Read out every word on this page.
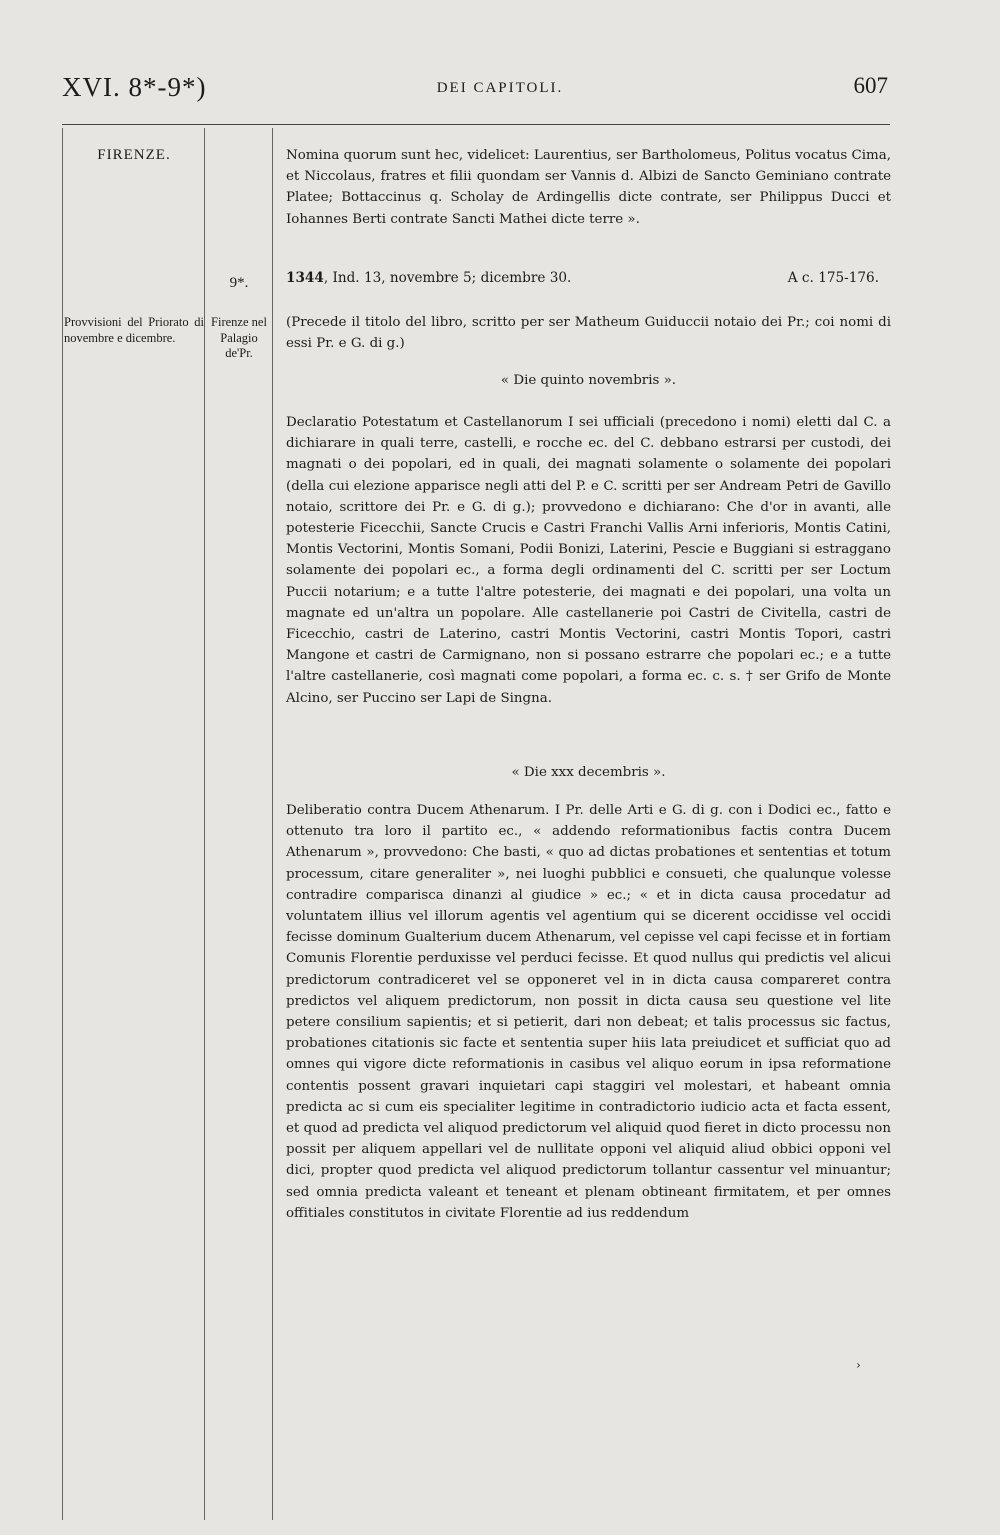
XVI. 8*-9*)	DEI CAPITOLI.	607
FIRENZE.
Provvisioni del Priorato di novembre e dicembre.
9*.
Firenze nel Palagio de'Pr.

Nomina quorum sunt hec, videlicet: Laurentius, ser Bartholomeus, Politus vocatus Cima, et Niccolaus, fratres et filii quondam ser Vannis d. Albizi de Sancto Geminiano contrate Platee; Bottaccinus q. Scholay de Ardingellis dicte contrate, ser Philippus Ducci et Iohannes Berti contrate Sancti Mathei dicte terre ».

1344, Ind. 13, novembre 5; dicembre 30.	A c. 175-176.

(Precede il titolo del libro, scritto per ser Matheum Guiduccii notaio dei Pr.; coi nomi di essi Pr. e G. di g.)

« Die quinto novembris ».

Declaratio Potestatum et Castellanorum I sei ufficiali (precedono i nomi) eletti dal C. a dichiarare in quali terre, castelli, e rocche ec. del C. debbano estrarsi per custodi, dei magnati o dei popolari, ed in quali, dei magnati solamente o solamente dei popolari (della cui elezione apparisce negli atti del P. e C. scritti per ser Andream Petri de Gavillo notaio, scrittore dei Pr. e G. di g.); provvedono e dichiarano: Che d'or in avanti, alle potesterie Ficecchii, Sancte Crucis e Castri Franchi Vallis Arni inferioris, Montis Catini, Montis Vectorini, Montis Somani, Podii Bonizi, Laterini, Pescie e Buggiani si estraggano solamente dei popolari ec., a forma degli ordinamenti del C. scritti per ser Loctum Puccii notarium; e a tutte l'altre potesterie, dei magnati e dei popolari, una volta un magnate ed un'altra un popolare. Alle castellanerie poi Castri de Civitella, castri de Ficecchio, castri de Laterino, castri Montis Vectorini, castri Montis Topori, castri Mangone et castri de Carmignano, non si possano estrarre che popolari ec.; e a tutte l'altre castellanerie, così magnati come popolari, a forma ec. c. s. † ser Grifo de Monte Alcino, ser Puccino ser Lapi de Singna.

« Die xxx decembris ».

Deliberatio contra Ducem Athenarum. I Pr. delle Arti e G. di g. con i Dodici ec., fatto e ottenuto tra loro il partito ec., « addendo reformationibus factis contra Ducem Athenarum », provvedono: Che basti, « quo ad dictas probationes et sententias et totum processum, citare generaliter », nei luoghi pubblici e consueti, che qualunque volesse contradire comparisca dinanzi al giudice » ec.; « et in dicta causa procedatur ad voluntatem illius vel illorum agentis vel agentium qui se dicerent occidisse vel occidi fecisse dominum Gualterium ducem Athenarum, vel cepisse vel capi fecisse et in fortiam Comunis Florentie perduxisse vel perduci fecisse. Et quod nullus qui predictis vel alicui predictorum contradiceret vel se opponeret vel in in dicta causa compareret contra predictos vel aliquem predictorum, non possit in dicta causa seu questione vel lite petere consilium sapientis; et si petierit, dari non debeat; et talis processus sic factus, probationes citationis sic facte et sententia super hiis lata preiudicet et sufficiat quo ad omnes qui vigore dicte reformationis in casibus vel aliquo eorum in ipsa reformatione contentis possent gravari inquietari capi staggiri vel molestari, et habeant omnia predicta ac si cum eis specialiter legitime in contradictorio iudicio acta et facta essent, et quod ad predicta vel aliquod predictorum vel aliquid quod fieret in dicto processu non possit per aliquem appellari vel de nullitate opponi vel aliquid aliud obbici opponi vel dici, propter quod predicta vel aliquod predictorum tollantur cassentur vel minuantur; sed omnia predicta valeant et teneant et plenam obtineant firmitatem, et per omnes offitiales constitutos in civitate Florentie ad ius reddendum

›
